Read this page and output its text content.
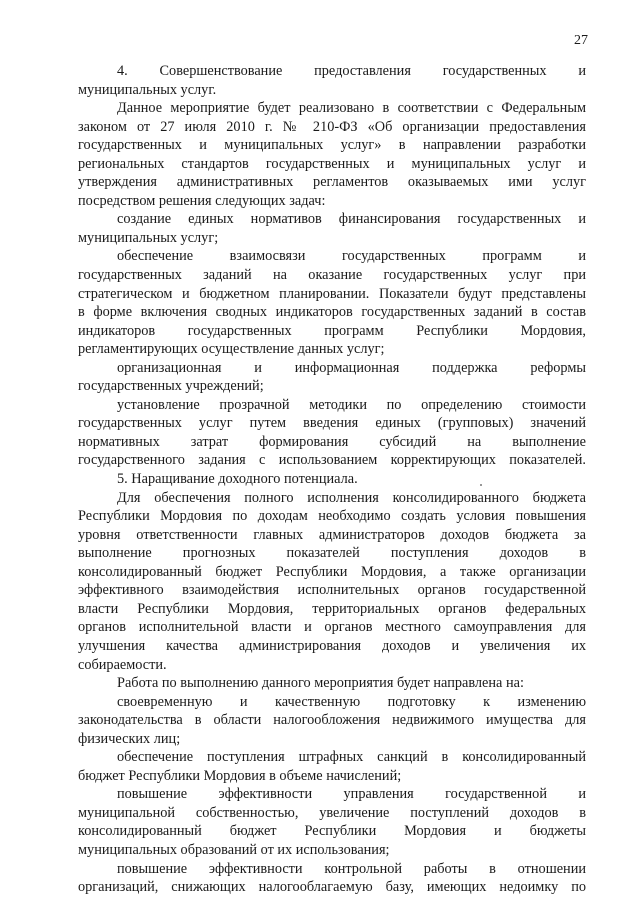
27
4. Совершенствование предоставления государственных и
муниципальных услуг.
Данное мероприятие будет реализовано в соответствии с Федеральным
законом от 27 июля 2010 г. № 210-ФЗ «Об организации предоставления
государственных и муниципальных услуг» в направлении разработки
региональных стандартов государственных и муниципальных услуг и
утверждения административных регламентов оказываемых ими услуг
посредством решения следующих задач:
создание единых нормативов финансирования государственных и
муниципальных услуг;
обеспечение взаимосвязи государственных программ и
государственных заданий на оказание государственных услуг при
стратегическом и бюджетном планировании. Показатели будут представлены
в форме включения сводных индикаторов государственных заданий в состав
индикаторов государственных программ Республики Мордовия,
регламентирующих осуществление данных услуг;
организационная и информационная поддержка реформы
государственных учреждений;
установление прозрачной методики по определению стоимости
государственных услуг путем введения единых (групповых) значений
нормативных затрат формирования субсидий на выполнение
государственного задания с использованием корректирующих показателей.
5. Наращивание доходного потенциала.
Для обеспечения полного исполнения консолидированного бюджета
Республики Мордовия по доходам необходимо создать условия повышения
уровня ответственности главных администраторов доходов бюджета за
выполнение прогнозных показателей поступления доходов в
консолидированный бюджет Республики Мордовия, а также организации
эффективного взаимодействия исполнительных органов государственной
власти Республики Мордовия, территориальных органов федеральных
органов исполнительной власти и органов местного самоуправления для
улучшения качества администрирования доходов и увеличения их
собираемости.
Работа по выполнению данного мероприятия будет направлена на:
своевременную и качественную подготовку к изменению
законодательства в области налогообложения недвижимого имущества для
физических лиц;
обеспечение поступления штрафных санкций в консолидированный
бюджет Республики Мордовия в объеме начислений;
повышение эффективности управления государственной и
муниципальной собственностью, увеличение поступлений доходов в
консолидированный бюджет Республики Мордовия и бюджеты
муниципальных образований от их использования;
повышение эффективности контрольной работы в отношении
организаций, снижающих налогооблагаемую базу, имеющих недоимку по
